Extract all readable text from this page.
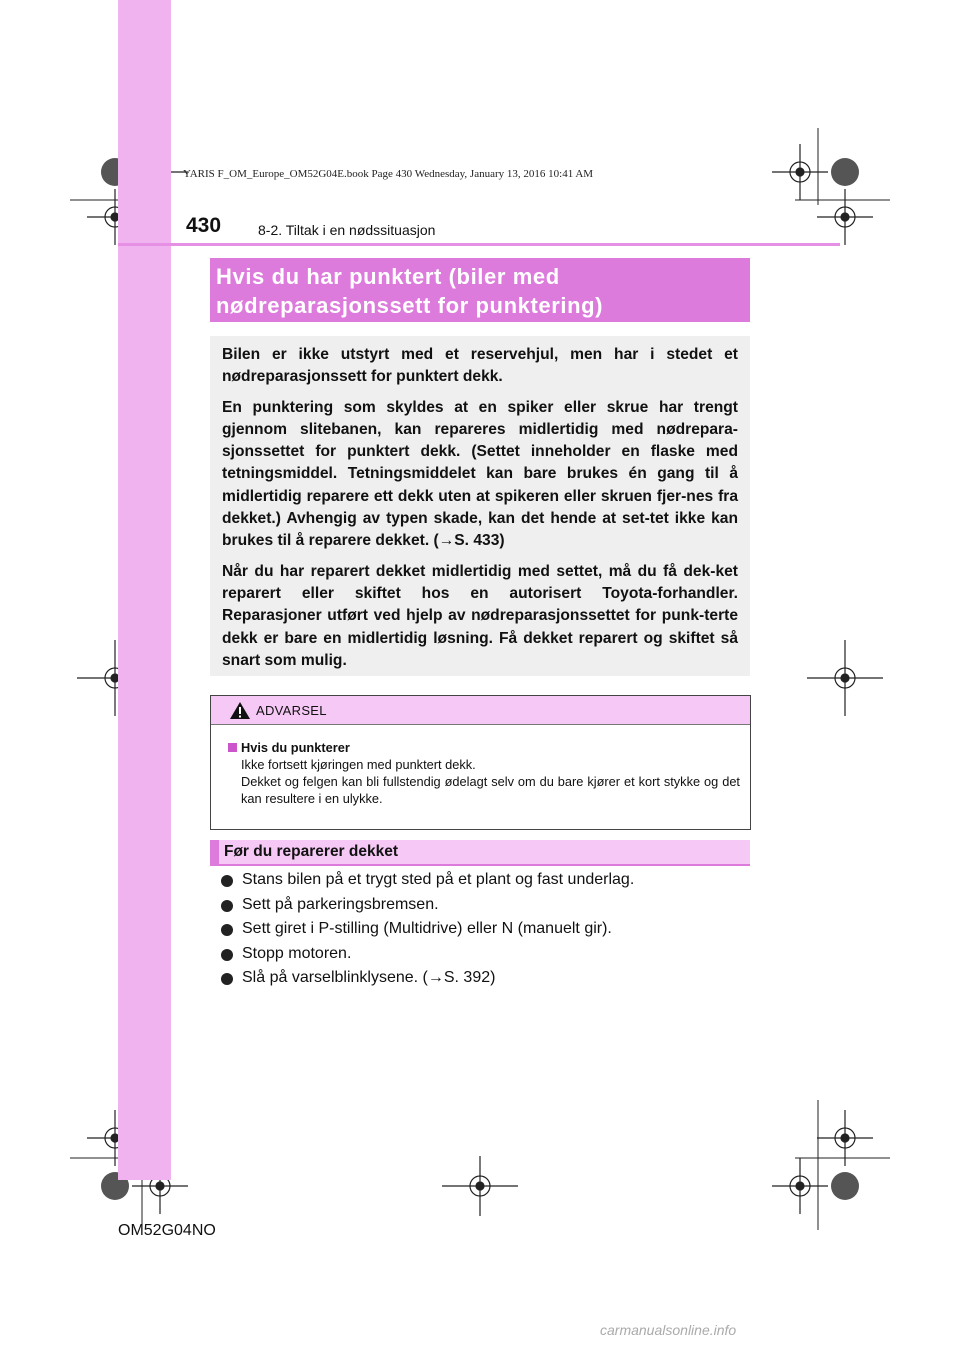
YARIS F_OM_Europe_OM52G04E.book Page 430 Wednesday, January 13, 2016 10:41 AM
430	8-2. Tiltak i en nødssituasjon
Hvis du har punktert (biler med
nødreparasjonssett for punktering)

Bilen er ikke utstyrt med et reservehjul, men har i stedet et nødreparasjonssett for punktert dekk.

En punktering som skyldes at en spiker eller skrue har trengt gjennom slitebanen, kan repareres midlertidig med nødrepara-sjonssettet for punktert dekk. (Settet inneholder en flaske med tetningsmiddel. Tetningsmiddelet kan bare brukes én gang til å midlertidig reparere ett dekk uten at spikeren eller skruen fjer-nes fra dekket.) Avhengig av typen skade, kan det hende at set-tet ikke kan brukes til å reparere dekket. (→S. 433)

Når du har reparert dekket midlertidig med settet, må du få dek-ket reparert eller skiftet hos en autorisert Toyota-forhandler. Reparasjoner utført ved hjelp av nødreparasjonssettet for punk-terte dekk er bare en midlertidig løsning. Få dekket reparert og skiftet så snart som mulig.

ADVARSEL
Hvis du punkterer

Ikke fortsett kjøringen med punktert dekk.

Dekket og felgen kan bli fullstendig ødelagt selv om du bare kjører et kort stykke og det kan resultere i en ulykke.

Før du reparerer dekket
Stans bilen på et trygt sted på et plant og fast underlag.
Sett på parkeringsbremsen.
Sett giret i P-stilling (Multidrive) eller N (manuelt gir).
Stopp motoren.
Slå på varselblinklysene. (→S. 392)
OM52G04NO
carmanualsonline.info
